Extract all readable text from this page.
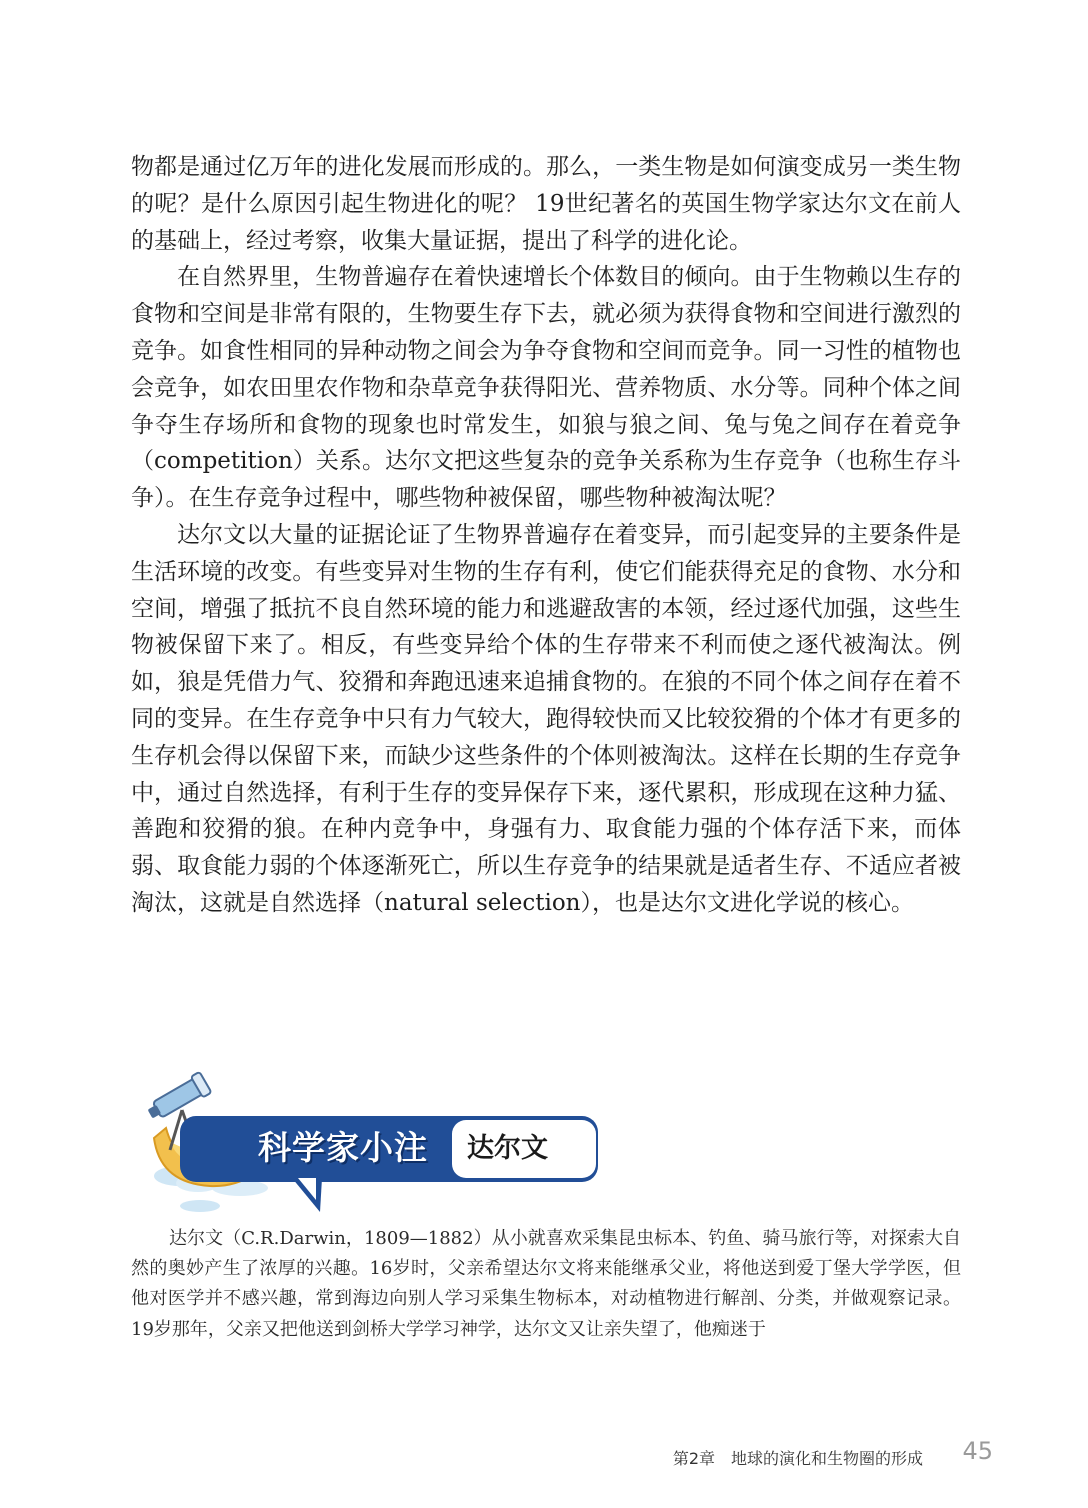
物都是通过亿万年的进化发展而形成的。那么，一类生物是如何演变成另一类生物的呢？是什么原因引起生物进化的呢？ 19世纪著名的英国生物学家达尔文在前人的基础上，经过考察，收集大量证据，提出了科学的进化论。

在自然界里，生物普遍存在着快速增长个体数目的倾向。由于生物赖以生存的食物和空间是非常有限的，生物要生存下去，就必须为获得食物和空间进行激烈的竞争。如食性相同的异种动物之间会为争夺食物和空间而竞争。同一习性的植物也会竞争，如农田里农作物和杂草竞争获得阳光、营养物质、水分等。同种个体之间争夺生存场所和食物的现象也时常发生，如狼与狼之间、兔与兔之间存在着竞争（competition）关系。达尔文把这些复杂的竞争关系称为生存竞争（也称生存斗争）。在生存竞争过程中，哪些物种被保留，哪些物种被淘汰呢？

达尔文以大量的证据论证了生物界普遍存在着变异，而引起变异的主要条件是生活环境的改变。有些变异对生物的生存有利，使它们能获得充足的食物、水分和空间，增强了抵抗不良自然环境的能力和逃避敌害的本领，经过逐代加强，这些生物被保留下来了。相反，有些变异给个体的生存带来不利而使之逐代被淘汰。例如，狼是凭借力气、狡猾和奔跑迅速来追捕食物的。在狼的不同个体之间存在着不同的变异。在生存竞争中只有力气较大，跑得较快而又比较狡猾的个体才有更多的生存机会得以保留下来，而缺少这些条件的个体则被淘汰。这样在长期的生存竞争中，通过自然选择，有利于生存的变异保存下来，逐代累积，形成现在这种力猛、善跑和狡猾的狼。在种内竞争中，身强有力、取食能力强的个体存活下来，而体弱、取食能力弱的个体逐渐死亡，所以生存竞争的结果就是适者生存、不适应者被淘汰，这就是自然选择（natural selection），也是达尔文进化学说的核心。

科学家小注 达尔文

达尔文（C.R.Darwin，1809—1882）从小就喜欢采集昆虫标本、钓鱼、骑马旅行等，对探索大自然的奥妙产生了浓厚的兴趣。16岁时，父亲希望达尔文将来能继承父业，将他送到爱丁堡大学学医，但他对医学并不感兴趣，常到海边向别人学习采集生物标本，对动植物进行解剖、分类，并做观察记录。19岁那年，父亲又把他送到剑桥大学学习神学，达尔文又让亲失望了，他痴迷于

第2章　地球的演化和生物圈的形成 45
